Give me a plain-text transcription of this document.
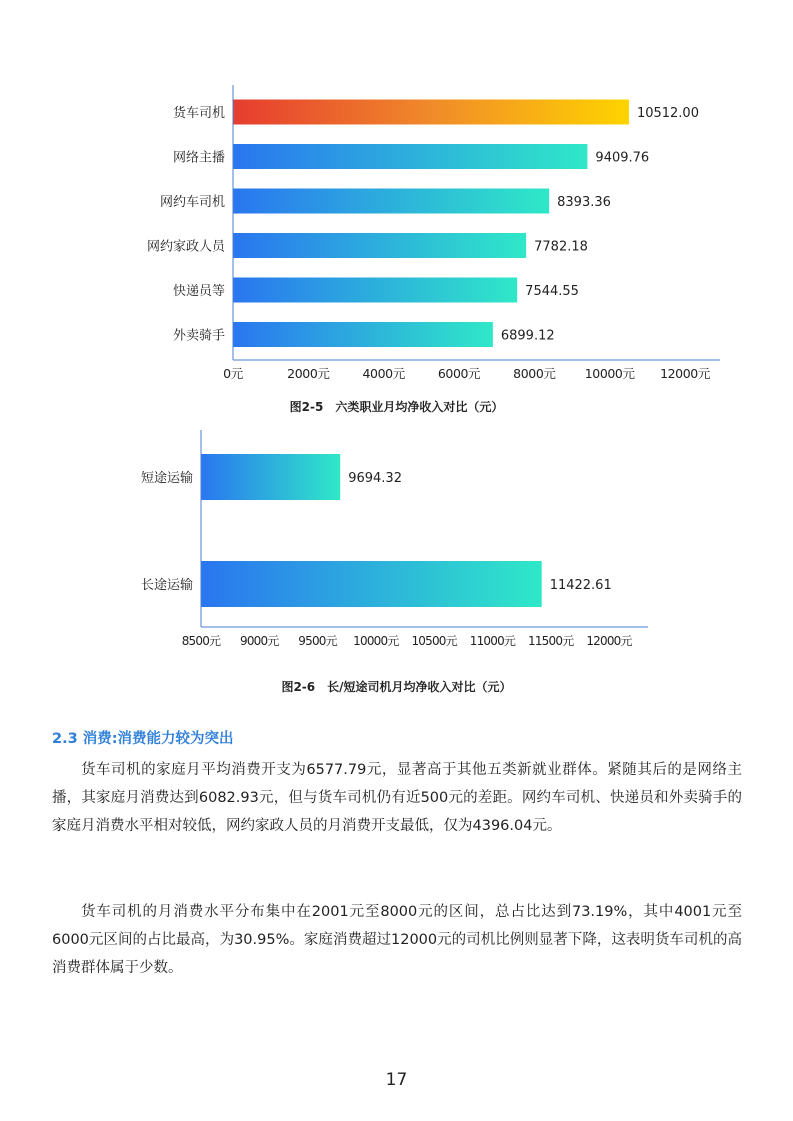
货车司机	10512.00
网络主播	9409.76
网约车司机	8393.36
网约家政人员	7782.18
快递员等	7544.55
外卖骑手	6899.12
0元	2000元	4000元	6000元	8000元 10000元 12000元
图2-5　六类职业月均净收入对比（元）
短途运输	9694.32
长途运输	11422.61
8500元 9000元 9500元 10000元 10500元 11000元 11500元 12000元
图2-6　长/短途司机月均净收入对比（元）
2.3 消费:消费能力较为突出

货车司机的家庭月平均消费开支为6577.79元，显著高于其他五类新就业群体。紧随其后的是网络主播，其家庭月消费达到6082.93元，但与货车司机仍有近500元的差距。网约车司机、快递员和外卖骑手的家庭月消费水平相对较低，网约家政人员的月消费开支最低，仅为4396.04元。

货车司机的月消费水平分布集中在2001元至8000元的区间，总占比达到73.19%，其中4001元至6000元区间的占比最高，为30.95%。家庭消费超过12000元的司机比例则显著下降，这表明货车司机的高消费群体属于少数。

17
